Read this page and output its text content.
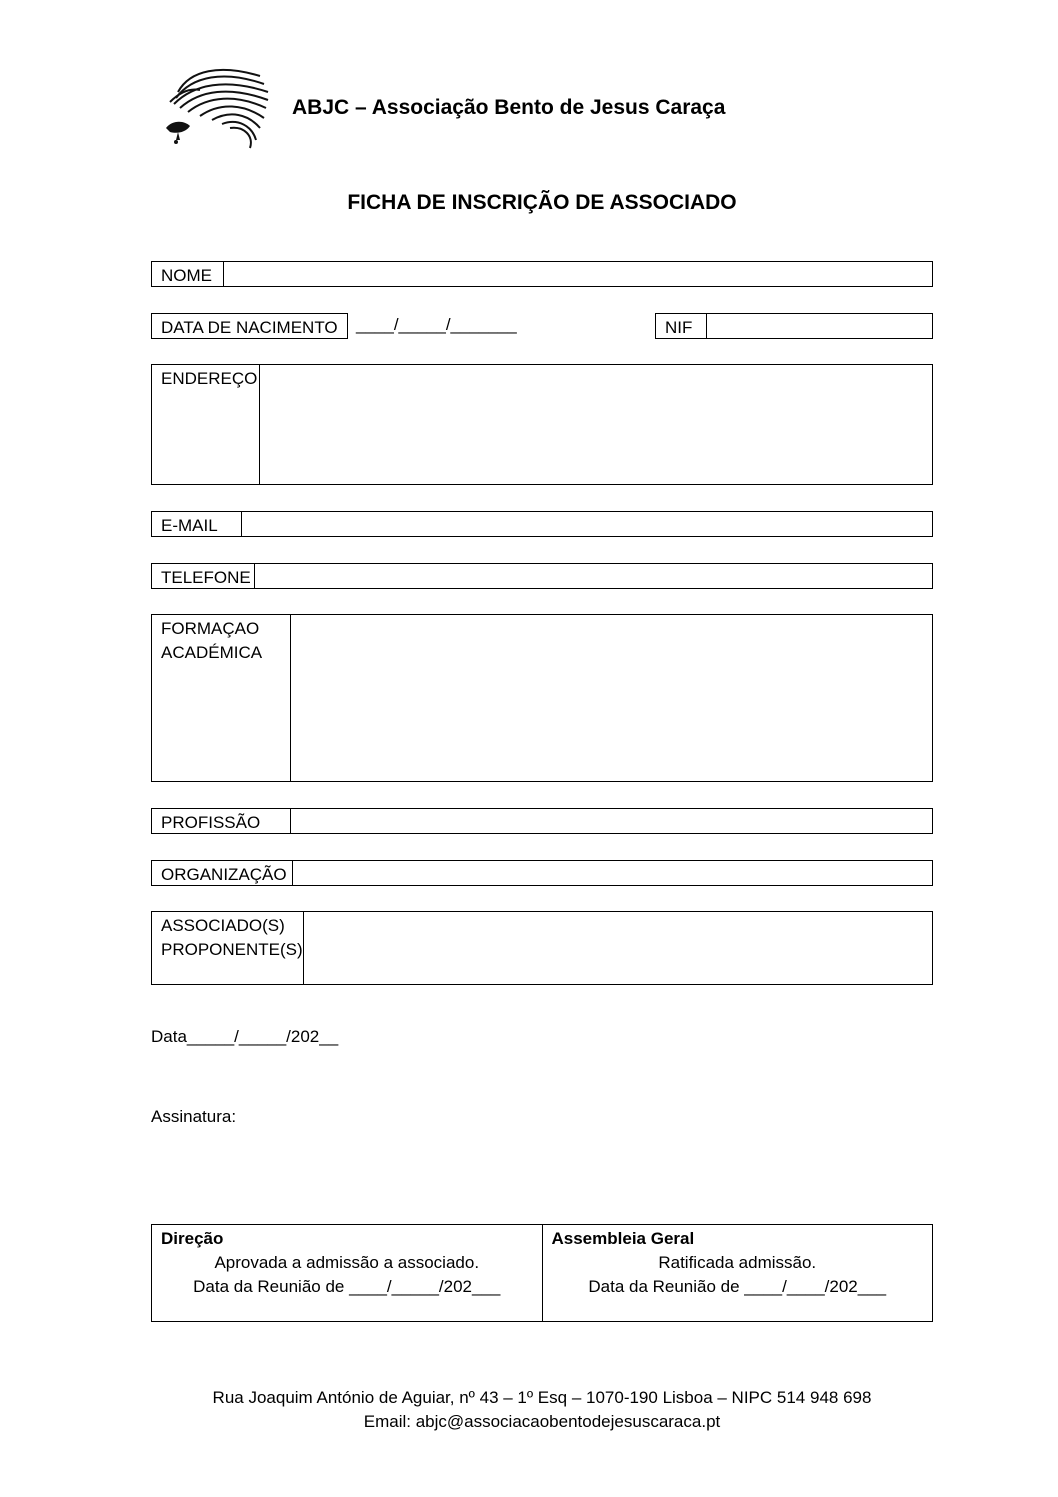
ABJC – Associação Bento de Jesus Caraça
FICHA DE INSCRIÇÃO DE ASSOCIADO
NOME
DATA DE NACIMENTO	____/_____/_______	NIF
ENDEREÇO
E-MAIL
TELEFONE
FORMAÇAO
ACADÉMICA
PROFISSÃO
ORGANIZAÇÃO
ASSOCIADO(S)
PROPONENTE(S)
Data_____/_____/202__
Assinatura:
Direção
Aprovada a admissão a associado.
Data da Reunião de ____/_____/202___
Assembleia Geral
Ratificada admissão.
Data da Reunião de ____/____/202___
Rua Joaquim António de Aguiar, nº 43 – 1º Esq – 1070-190 Lisboa – NIPC 514 948 698
Email: abjc@associacaobentodejesuscaraca.pt
